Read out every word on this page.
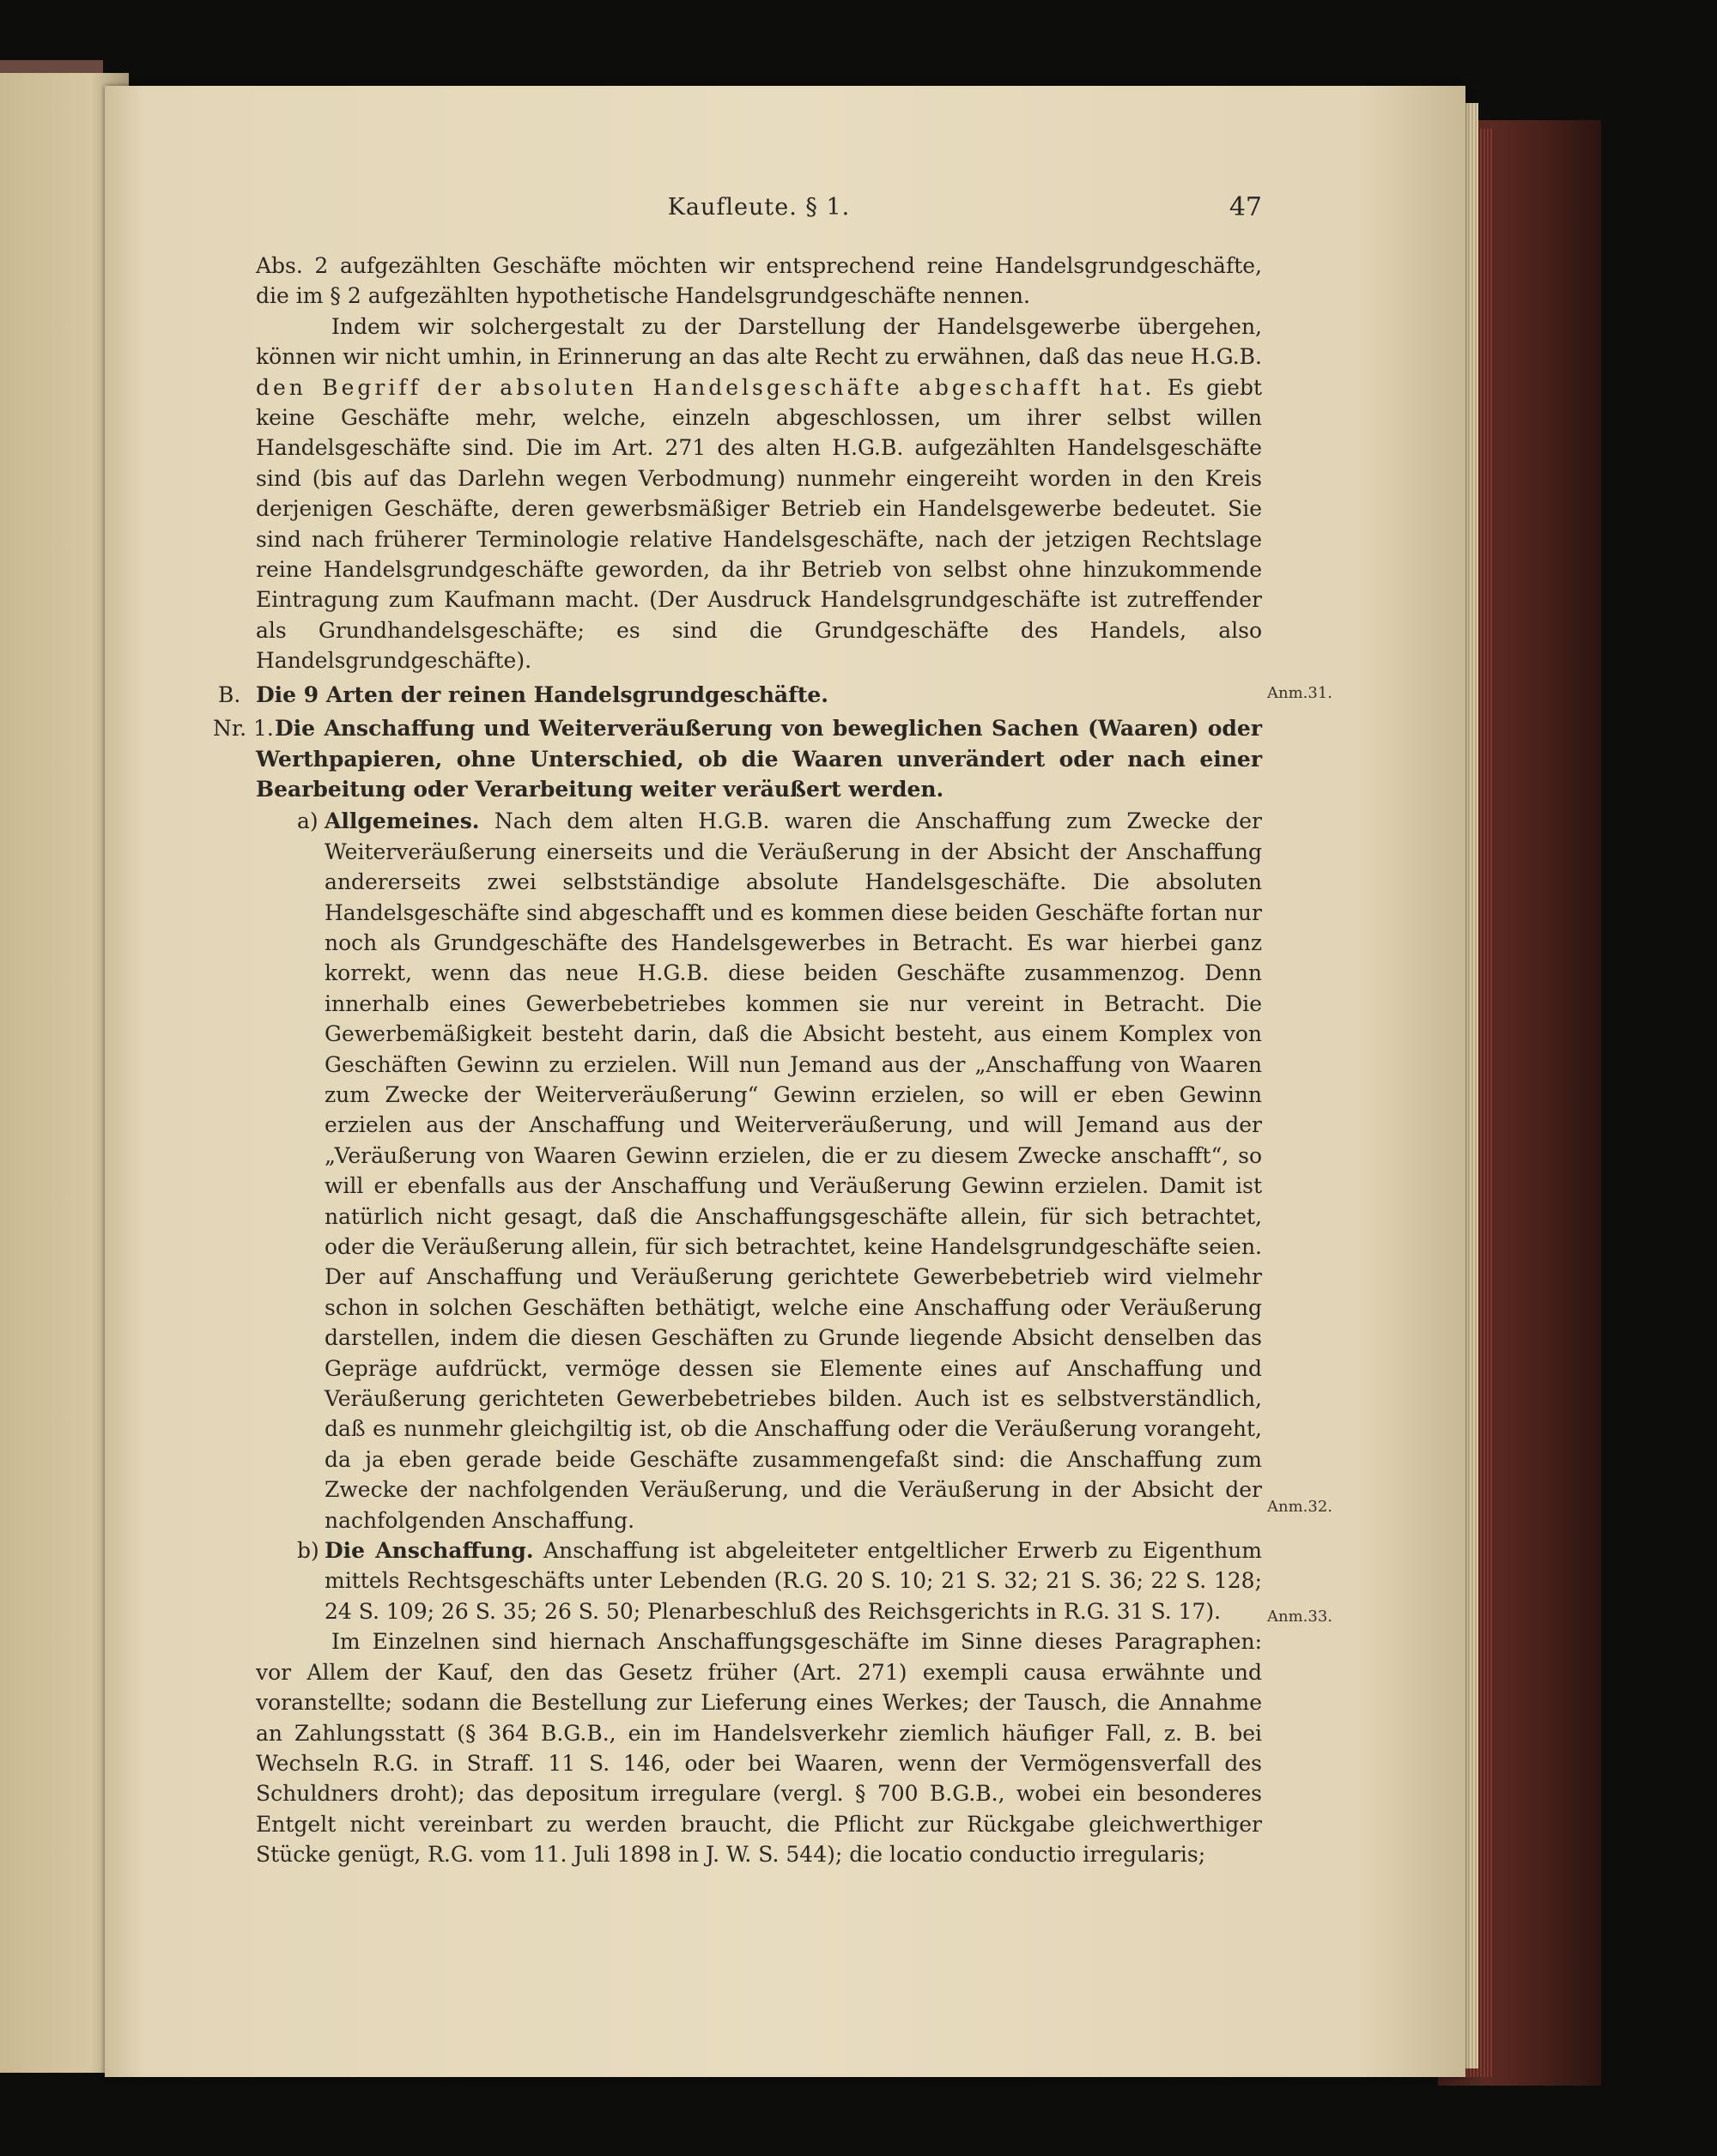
Kaufleute. § 1.	47

Abs. 2 aufgezählten Geschäfte möchten wir entsprechend reine Handelsgrundgeschäfte, die im § 2 aufgezählten hypothetische Handelsgrundgeschäfte nennen.

Indem wir solchergestalt zu der Darstellung der Handelsgewerbe übergehen, können wir nicht umhin, in Erinnerung an das alte Recht zu erwähnen, daß das neue H.G.B. den Begriff der absoluten Handelsgeschäfte abgeschafft hat. Es giebt keine Geschäfte mehr, welche, einzeln abgeschlossen, um ihrer selbst willen Handelsgeschäfte sind. Die im Art. 271 des alten H.G.B. aufgezählten Handelsgeschäfte sind (bis auf das Darlehn wegen Verbodmung) nunmehr eingereiht worden in den Kreis derjenigen Geschäfte, deren gewerbsmäßiger Betrieb ein Handelsgewerbe bedeutet. Sie sind nach früherer Terminologie relative Handelsgeschäfte, nach der jetzigen Rechtslage reine Handelsgrundgeschäfte geworden, da ihr Betrieb von selbst ohne hinzukommende Eintragung zum Kaufmann macht. (Der Ausdruck Handelsgrundgeschäfte ist zutreffender als Grundhandelsgeschäfte; es sind die Grundgeschäfte des Handels, also Handelsgrundgeschäfte).

B. Die 9 Arten der reinen Handelsgrundgeschäfte.

Nr. 1. Die Anschaffung und Weiterveräußerung von beweglichen Sachen (Waaren) oder Werthpapieren, ohne Unterschied, ob die Waaren unverändert oder nach einer Bearbeitung oder Verarbeitung weiter veräußert werden.

a) Allgemeines. Nach dem alten H.G.B. waren die Anschaffung zum Zwecke der Weiterveräußerung einerseits und die Veräußerung in der Absicht der Anschaffung andererseits zwei selbstständige absolute Handelsgeschäfte. Die absoluten Handelsgeschäfte sind abgeschafft und es kommen diese beiden Geschäfte fortan nur noch als Grundgeschäfte des Handelsgewerbes in Betracht. Es war hierbei ganz korrekt, wenn das neue H.G.B. diese beiden Geschäfte zusammenzog. Denn innerhalb eines Gewerbebetriebes kommen sie nur vereint in Betracht. Die Gewerbemäßigkeit besteht darin, daß die Absicht besteht, aus einem Komplex von Geschäften Gewinn zu erzielen. Will nun Jemand aus der „Anschaffung von Waaren zum Zwecke der Weiterveräußerung“ Gewinn erzielen, so will er eben Gewinn erzielen aus der Anschaffung und Weiterveräußerung, und will Jemand aus der „Veräußerung von Waaren Gewinn erzielen, die er zu diesem Zwecke anschafft“, so will er ebenfalls aus der Anschaffung und Veräußerung Gewinn erzielen. Damit ist natürlich nicht gesagt, daß die Anschaffungsgeschäfte allein, für sich betrachtet, oder die Veräußerung allein, für sich betrachtet, keine Handelsgrundgeschäfte seien. Der auf Anschaffung und Veräußerung gerichtete Gewerbebetrieb wird vielmehr schon in solchen Geschäften bethätigt, welche eine Anschaffung oder Veräußerung darstellen, indem die diesen Geschäften zu Grunde liegende Absicht denselben das Gepräge aufdrückt, vermöge dessen sie Elemente eines auf Anschaffung und Veräußerung gerichteten Gewerbebetriebes bilden. Auch ist es selbstverständlich, daß es nunmehr gleichgiltig ist, ob die Anschaffung oder die Veräußerung vorangeht, da ja eben gerade beide Geschäfte zusammengefaßt sind: die Anschaffung zum Zwecke der nachfolgenden Veräußerung, und die Veräußerung in der Absicht der nachfolgenden Anschaffung.

b) Die Anschaffung. Anschaffung ist abgeleiteter entgeltlicher Erwerb zu Eigenthum mittels Rechtsgeschäfts unter Lebenden (R.G. 20 S. 10; 21 S. 32; 21 S. 36; 22 S. 128; 24 S. 109; 26 S. 35; 26 S. 50; Plenarbeschluß des Reichsgerichts in R.G. 31 S. 17).

Im Einzelnen sind hiernach Anschaffungsgeschäfte im Sinne dieses Paragraphen: vor Allem der Kauf, den das Gesetz früher (Art. 271) exempli causa erwähnte und voranstellte; sodann die Bestellung zur Lieferung eines Werkes; der Tausch, die Annahme an Zahlungsstatt (§ 364 B.G.B., ein im Handelsverkehr ziemlich häufiger Fall, z. B. bei Wechseln R.G. in Straff. 11 S. 146, oder bei Waaren, wenn der Vermögensverfall des Schuldners droht); das depositum irregulare (vergl. § 700 B.G.B., wobei ein besonderes Entgelt nicht vereinbart zu werden braucht, die Pflicht zur Rückgabe gleichwerthiger Stücke genügt, R.G. vom 11. Juli 1898 in J. W. S. 544); die locatio conductio irregularis;

Anm.31.
Anm.32.
Anm.33.
